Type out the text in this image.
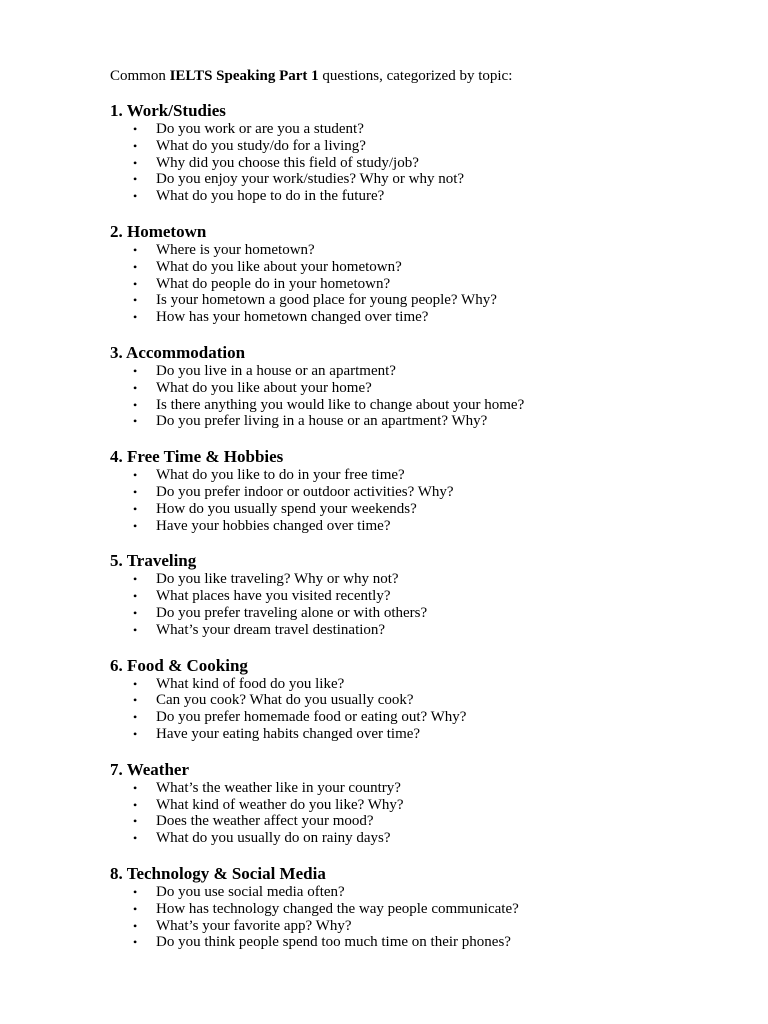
Common IELTS Speaking Part 1 questions, categorized by topic:

1. Work/Studies
• Do you work or are you a student?
• What do you study/do for a living?
• Why did you choose this field of study/job?
• Do you enjoy your work/studies? Why or why not?
• What do you hope to do in the future?
2. Hometown
• Where is your hometown?
• What do you like about your hometown?
• What do people do in your hometown?
• Is your hometown a good place for young people? Why?
• How has your hometown changed over time?
3. Accommodation
• Do you live in a house or an apartment?
• What do you like about your home?
• Is there anything you would like to change about your home?
• Do you prefer living in a house or an apartment? Why?
4. Free Time & Hobbies
• What do you like to do in your free time?
• Do you prefer indoor or outdoor activities? Why?
• How do you usually spend your weekends?
• Have your hobbies changed over time?
5. Traveling
• Do you like traveling? Why or why not?
• What places have you visited recently?
• Do you prefer traveling alone or with others?
• What’s your dream travel destination?
6. Food & Cooking
• What kind of food do you like?
• Can you cook? What do you usually cook?
• Do you prefer homemade food or eating out? Why?
• Have your eating habits changed over time?
7. Weather
• What’s the weather like in your country?
• What kind of weather do you like? Why?
• Does the weather affect your mood?
• What do you usually do on rainy days?
8. Technology & Social Media
• Do you use social media often?
• How has technology changed the way people communicate?
• What’s your favorite app? Why?
• Do you think people spend too much time on their phones?
